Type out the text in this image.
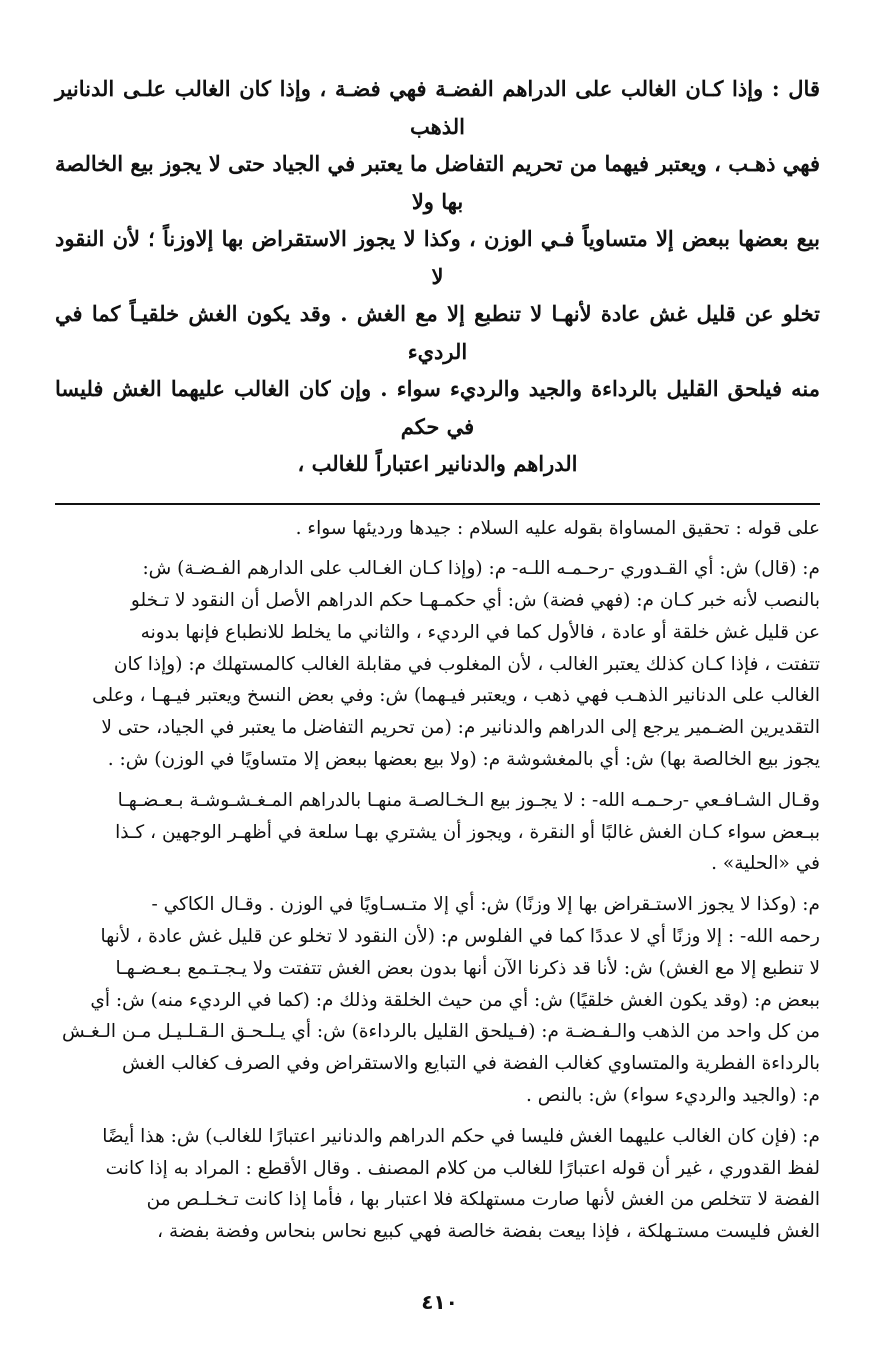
قال : وإذا كـان الغالب على الدراهم الفضـة فهي فضـة ، وإذا كان الغالب علـى الدنانير الذهب
فهي ذهـب ، ويعتبر فيهما من تحريم التفاضل ما يعتبر في الجياد حتى لا يجوز بيع الخالصة بها ولا
بيع بعضها ببعض إلا متساوياً فـي الوزن ، وكذا لا يجوز الاستقراض بها إلاوزناً ؛ لأن النقود لا
تخلو عن قليل غش عادة لأنهـا لا تنطبع إلا مع الغش . وقد يكون الغش خلقيـاً كما في الرديء
منه فيلحق القليل بالرداءة والجيد والرديء سواء . وإن كان الغالب عليهما الغش فليسا في حكم
الدراهم والدنانير اعتباراً للغالب ،
على قوله : تحقيق المساواة بقوله عليه السلام : جيدها ورديئها سواء .
م: (قال) ش: أي القـدوري -رحـمـه اللـه- م: (وإذا كـان الغـالب على الدارهم الفـضـة) ش:
بالنصب لأنه خبر كـان م: (فهي فضة) ش: أي حكمـهـا حكم الدراهم الأصل أن النقود لا تـخلو
عن قليل غش خلقة أو عادة ، فالأول كما في الرديء ، والثاني ما يخلط للانطباع فإنها بدونه
تتفتت ، فإذا كـان كذلك يعتبر الغالب ، لأن المغلوب في مقابلة الغالب كالمستهلك م: (وإذا كان
الغالب على الدنانير الذهـب فهي ذهب ، ويعتبر فيـهما) ش: وفي بعض النسخ ويعتبر فيـهـا ، وعلى
التقديرين الضـمير يرجع إلى الدراهم والدنانير م: (من تحريم التفاضل ما يعتبر في الجياد، حتى لا
يجوز بيع الخالصة بها) ش: أي بالمغشوشة م: (ولا بيع بعضها ببعض إلا متساويًا في الوزن) ش: .
وقـال الشـافـعي -رحـمـه الله- : لا يجـوز بيع الـخـالصـة منهـا بالدراهم المـغـشـوشـة بـعـضـهـا
ببـعض سواء كـان الغش غالبًا أو النقرة ، ويجوز أن يشتري بهـا سلعة في أظهـر الوجهين ، كـذا
في «الحلية» .
م: (وكذا لا يجوز الاستـقراض بها إلا وزنًا) ش: أي إلا متـسـاويًا في الوزن . وقـال الكاكي -
رحمه الله- : إلا وزنًا أي لا عددًا كما في الفلوس م: (لأن النقود لا تخلو عن قليل غش عادة ، لأنها
لا تنطبع إلا مع الغش) ش: لأنا قد ذكرنا الآن أنها بدون بعض الغش تتفتت ولا يـجـتـمع بـعـضـهـا
ببعض م: (وقد يكون الغش خلقيًا) ش: أي من حيث الخلقة وذلك م: (كما في الرديء منه) ش: أي
من كل واحد من الذهب والـفـضـة م: (فـيلحق القليل بالرداءة) ش: أي يـلـحـق الـقـلـيـل مـن الـغـش
بالرداءة الفطرية والمتساوي كغالب الفضة في التبايع والاستقراض وفي الصرف كغالب الغش
م: (والجيد والرديء سواء) ش: بالنص .
م: (فإن كان الغالب عليهما الغش فليسا في حكم الدراهم والدنانير اعتبارًا للغالب) ش: هذا أيضًا
لفظ القدوري ، غير أن قوله اعتبارًا للغالب من كلام المصنف . وقال الأقطع : المراد به إذا كانت
الفضة لا تتخلص من الغش لأنها صارت مستهلكة فلا اعتبار بها ، فأما إذا كانت تـخـلـص من
الغش فليست مستـهلكة ، فإذا بيعت بفضة خالصة فهي كبيع نحاس بنحاس وفضة بفضة ،
٤١٠
